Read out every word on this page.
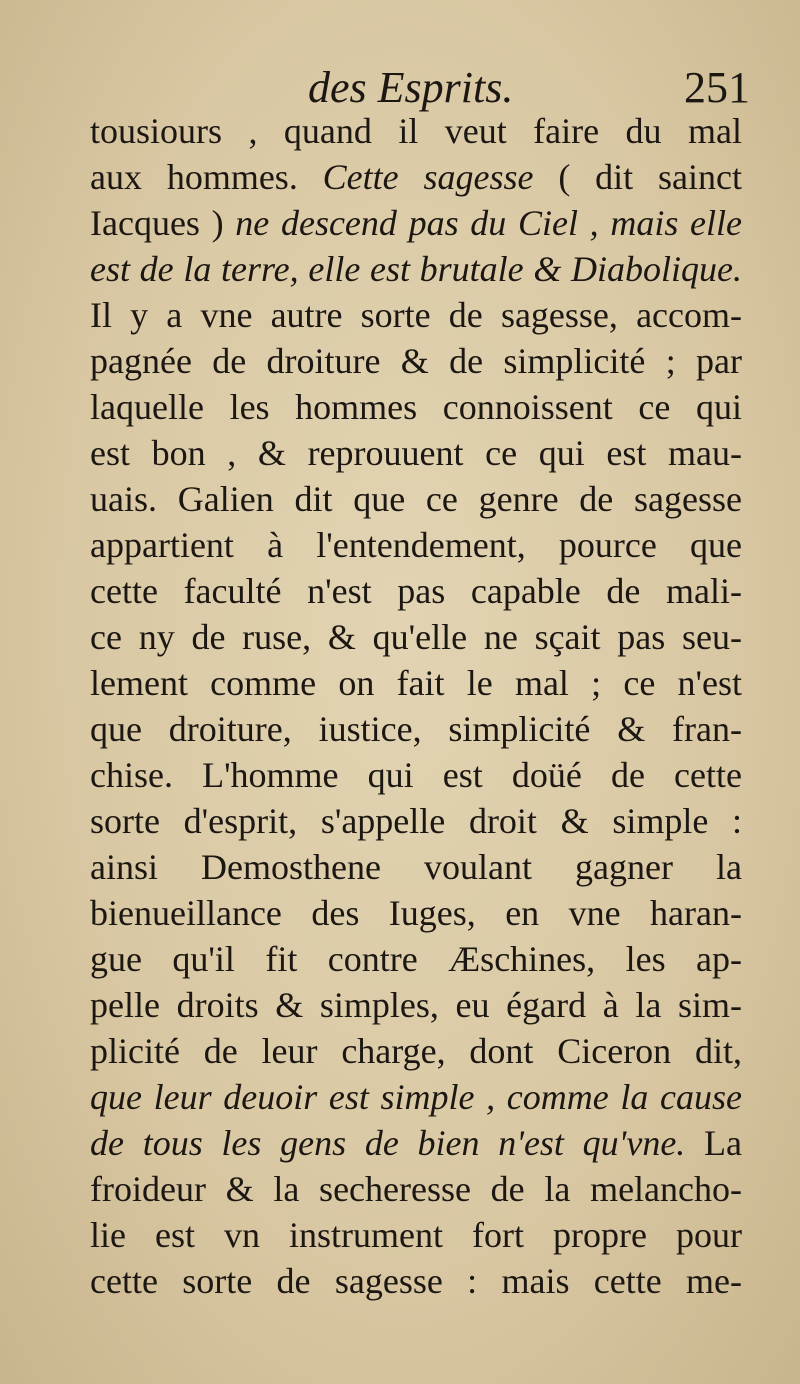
des Esprits.	251
tousiours , quand il veut faire du mal
aux hommes. Cette sagesse ( dit sainct
Iacques ) ne descend pas du Ciel , mais elle
est de la terre, elle est brutale & Diabolique.
Il y a vne autre sorte de sagesse, accom-
pagnée de droiture & de simplicité ; par
laquelle les hommes connoissent ce qui
est bon , & reprouuent ce qui est mau-
uais. Galien dit que ce genre de sagesse
appartient à l'entendement, pource que
cette faculté n'est pas capable de mali-
ce ny de ruse, & qu'elle ne sçait pas seu-
lement comme on fait le mal ; ce n'est
que droiture, iustice, simplicité & fran-
chise. L'homme qui est doüé de cette
sorte d'esprit, s'appelle droit & simple :
ainsi Demosthene voulant gagner la
bienueillance des Iuges, en vne haran-
gue qu'il fit contre Æschines, les ap-
pelle droits & simples, eu égard à la sim-
plicité de leur charge, dont Ciceron dit,
que leur deuoir est simple , comme la cause
de tous les gens de bien n'est qu'vne. La
froideur & la secheresse de la melancho-
lie est vn instrument fort propre pour
cette sorte de sagesse : mais cette me-
